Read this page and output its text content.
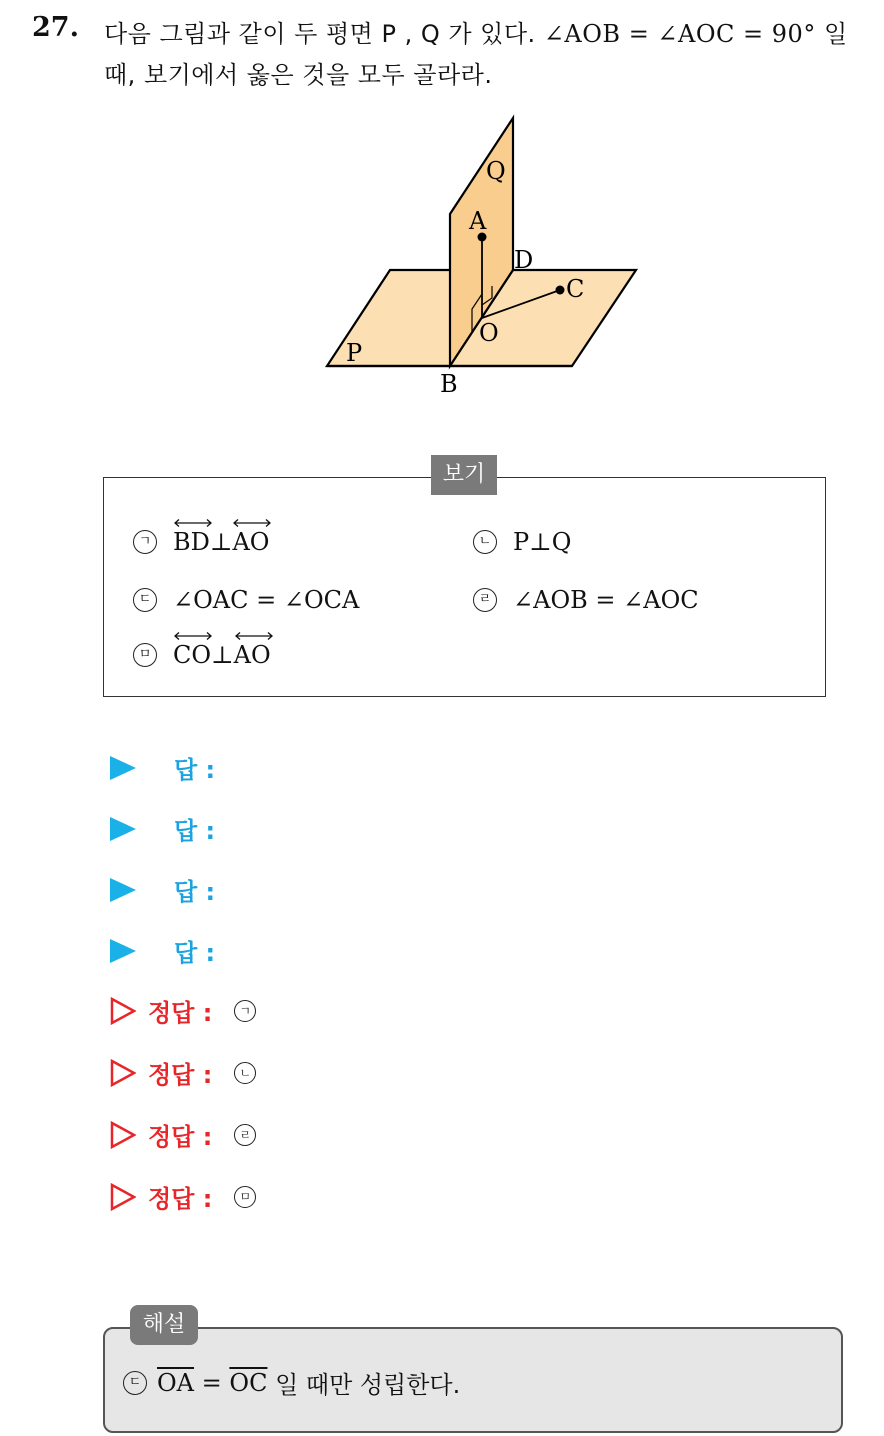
27. 다음 그림과 같이 두 평면 P , Q 가 있다. ∠AOB = ∠AOC = 90° 일
때, 보기에서 옳은 것을 모두 골라라.
Q
A
D
C
O
P
B
보기
ㄱ BD ⊥ AO	ㄴ P⊥Q
ㄷ ∠OAC = ∠OCA	ㄹ ∠AOB = ∠AOC
ㅁ CO ⊥ AO
답 :
답 :
답 :
답 :
정답 :	ㄱ
정답 :	ㄴ
정답 :	ㄹ
정답 :	ㅁ
해설
ㄷ $\overline{OA} = \overline{OC}$ 일 때만 성립한다.
